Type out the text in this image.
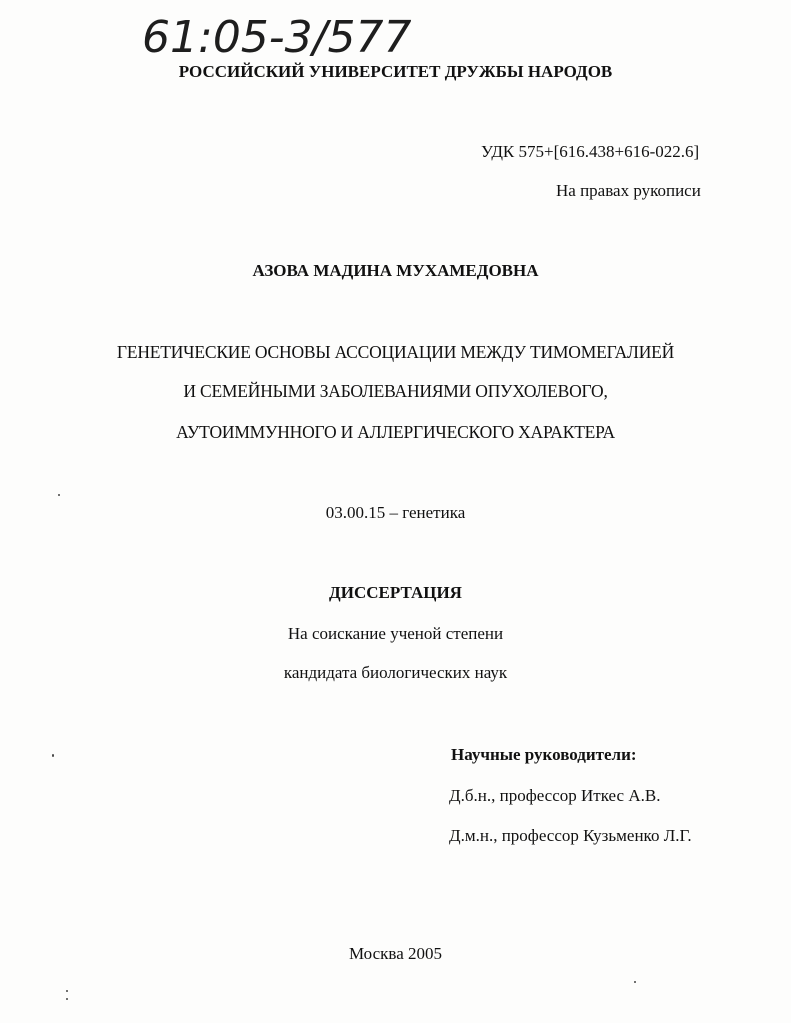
61:05-3/577
РОССИЙСКИЙ УНИВЕРСИТЕТ ДРУЖБЫ НАРОДОВ
УДК 575+[616.438+616-022.6]
На правах рукописи
АЗОВА МАДИНА МУХАМЕДОВНА
ГЕНЕТИЧЕСКИЕ ОСНОВЫ АССОЦИАЦИИ МЕЖДУ ТИМОМЕГАЛИЕЙ
И СЕМЕЙНЫМИ ЗАБОЛЕВАНИЯМИ ОПУХОЛЕВОГО,
АУТОИММУННОГО И АЛЛЕРГИЧЕСКОГО ХАРАКТЕРА
03.00.15 – генетика
ДИССЕРТАЦИЯ
На соискание ученой степени
кандидата биологических наук
Научные руководители:
Д.б.н., профессор Иткес А.В.
Д.м.н., профессор Кузьменко Л.Г.
Москва 2005
